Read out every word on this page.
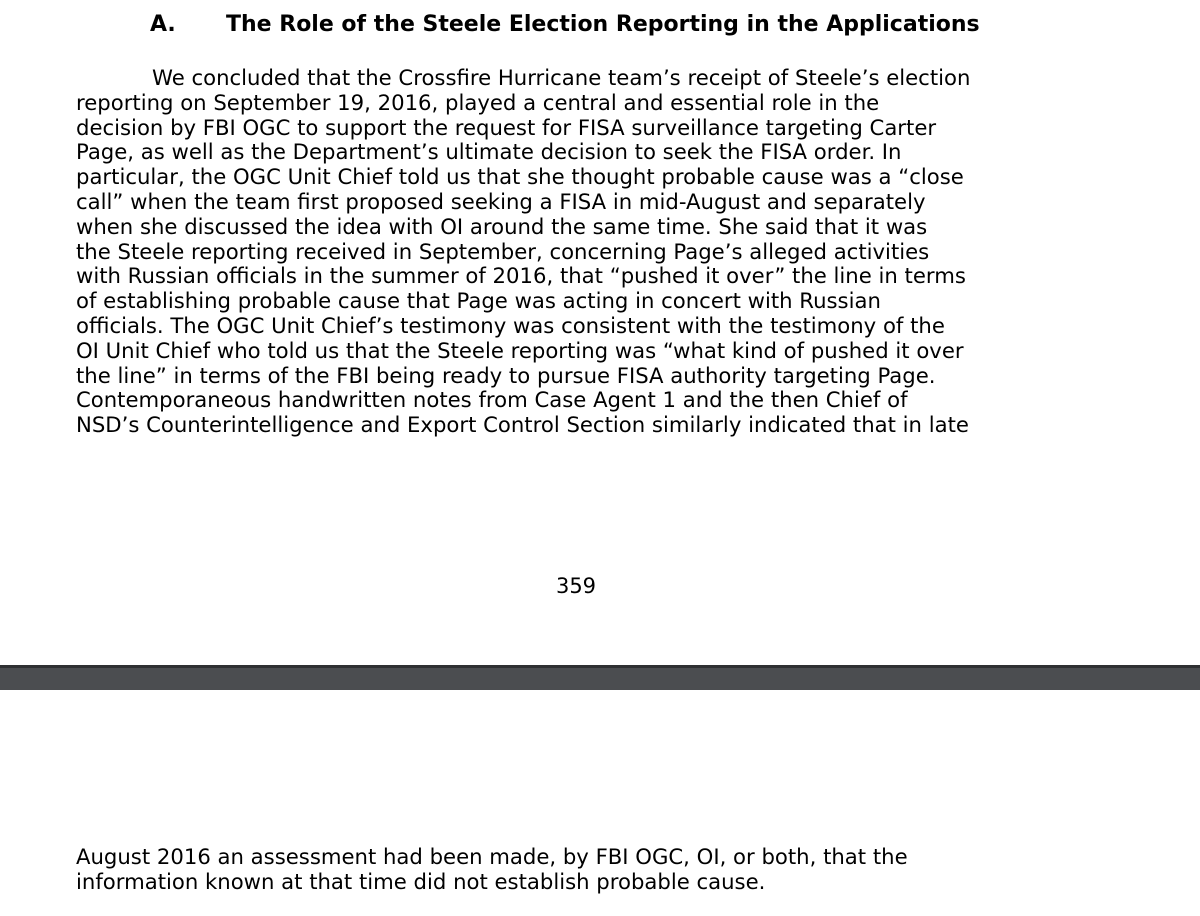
A. The Role of the Steele Election Reporting in the Applications
We concluded that the Crossfire Hurricane team’s receipt of Steele’s election
reporting on September 19, 2016, played a central and essential role in the
decision by FBI OGC to support the request for FISA surveillance targeting Carter
Page, as well as the Department’s ultimate decision to seek the FISA order. In
particular, the OGC Unit Chief told us that she thought probable cause was a “close
call” when the team first proposed seeking a FISA in mid-August and separately
when she discussed the idea with OI around the same time. She said that it was
the Steele reporting received in September, concerning Page’s alleged activities
with Russian officials in the summer of 2016, that “pushed it over” the line in terms
of establishing probable cause that Page was acting in concert with Russian
officials. The OGC Unit Chief’s testimony was consistent with the testimony of the
OI Unit Chief who told us that the Steele reporting was “what kind of pushed it over
the line” in terms of the FBI being ready to pursue FISA authority targeting Page.
Contemporaneous handwritten notes from Case Agent 1 and the then Chief of
NSD’s Counterintelligence and Export Control Section similarly indicated that in late
359
August 2016 an assessment had been made, by FBI OGC, OI, or both, that the
information known at that time did not establish probable cause.
